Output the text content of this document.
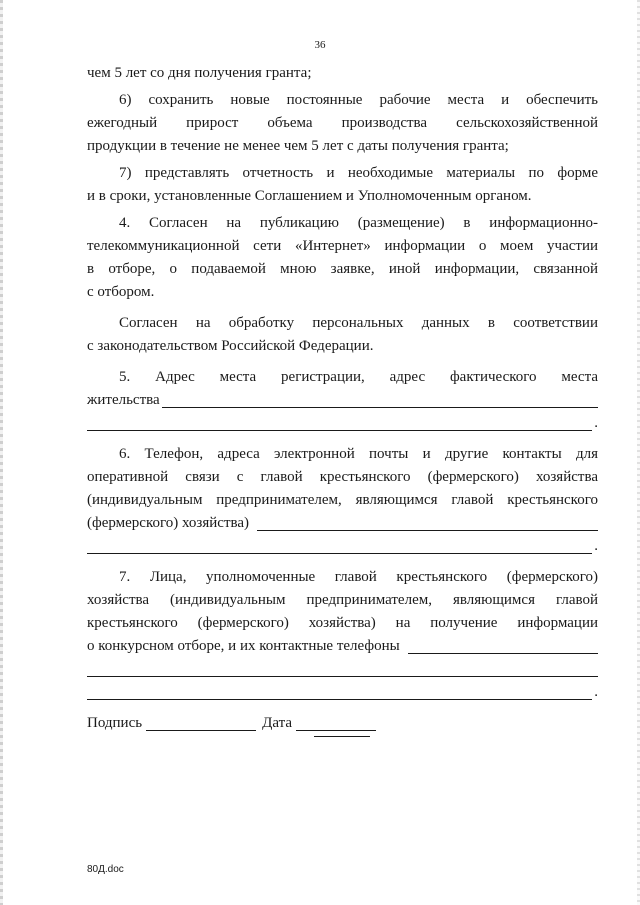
36
чем 5 лет со дня получения гранта;
6) сохранить новые постоянные рабочие места и обеспечить
ежегодный прирост объема производства сельскохозяйственной
продукции в течение не менее чем 5 лет с даты получения гранта;
7) представлять отчетность и необходимые материалы по форме
и в сроки, установленные Соглашением и Уполномоченным органом.
4. Согласен на публикацию (размещение) в информационно-
телекоммуникационной сети «Интернет» информации о моем участии
в отборе, о подаваемой мною заявке, иной информации, связанной
с отбором.
Согласен на обработку персональных данных в соответствии
с законодательством Российской Федерации.
5. Адрес места регистрации, адрес фактического места
жительства
.
6. Телефон, адреса электронной почты и другие контакты для
оперативной связи с главой крестьянского (фермерского) хозяйства
(индивидуальным предпринимателем, являющимся главой крестьянского
(фермерского) хозяйства)
.
7. Лица, уполномоченные главой крестьянского (фермерского)
хозяйства (индивидуальным предпринимателем, являющимся главой
крестьянского (фермерского) хозяйства) на получение информации
о конкурсном отборе, и их контактные телефоны
.
Подпись	Дата
80Д.doc
